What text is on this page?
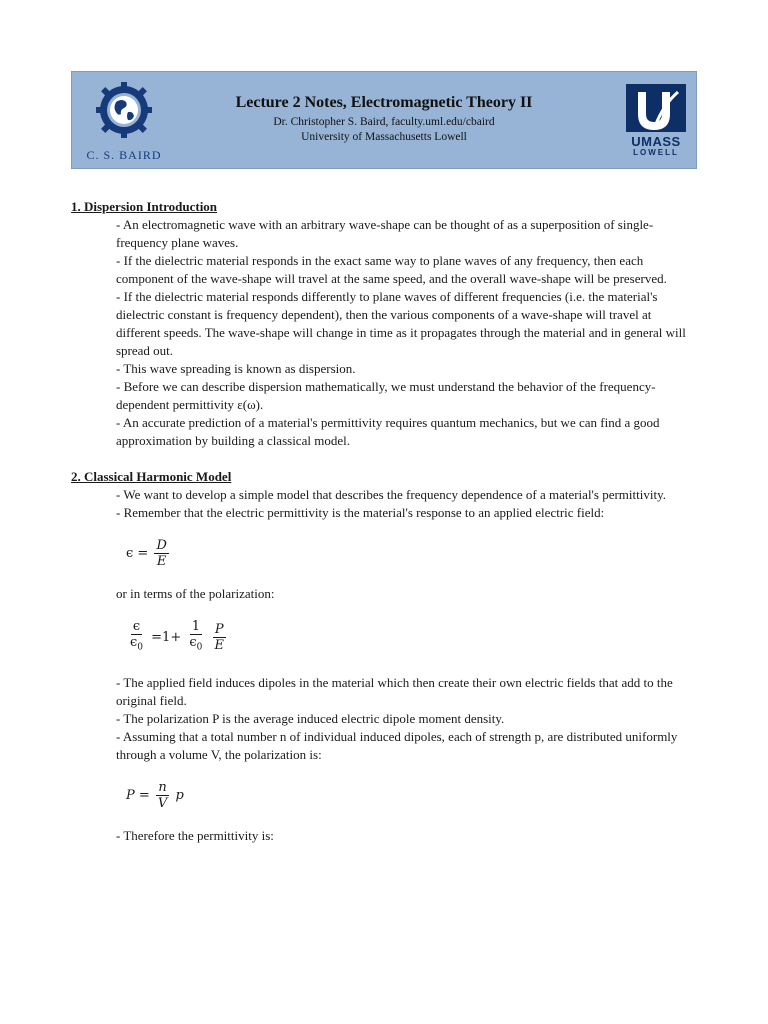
C. S. BAIRD
Lecture 2 Notes, Electromagnetic Theory II
Dr. Christopher S. Baird, faculty.uml.edu/cbaird
University of Massachusetts Lowell	UMASS
LOWELL
1. Dispersion Introduction
- An electromagnetic wave with an arbitrary wave-shape can be thought of as a superposition of single-frequency plane waves.
- If the dielectric material responds in the exact same way to plane waves of any frequency, then each component of the wave-shape will travel at the same speed, and the overall wave-shape will be preserved.
- If the dielectric material responds differently to plane waves of different frequencies (i.e. the material's dielectric constant is frequency dependent), then the various components of a wave-shape will travel at different speeds. The wave-shape will change in time as it propagates through the material and in general will spread out.
- This wave spreading is known as dispersion.
- Before we can describe dispersion mathematically, we must understand the behavior of the frequency-dependent permittivity ε(ω).
- An accurate prediction of a material's permittivity requires quantum mechanics, but we can find a good approximation by building a classical model.
2. Classical Harmonic Model
- We want to develop a simple model that describes the frequency dependence of a material's permittivity.
- Remember that the electric permittivity is the material's response to an applied electric field:
$\epsilon = \frac{D}{E}$
or in terms of the polarization:
$\frac{\epsilon}{\epsilon_0} =1+ \frac{1}{\epsilon_0}$
$\frac{P}{E}$
- The applied field induces dipoles in the material which then create their own electric fields that add to the original field.
- The polarization P is the average induced electric dipole moment density.
- Assuming that a total number n of individual induced dipoles, each of strength p, are distributed uniformly through a volume V, the polarization is:
$P = \frac{n}{V}$ p
- Therefore the permittivity is:
